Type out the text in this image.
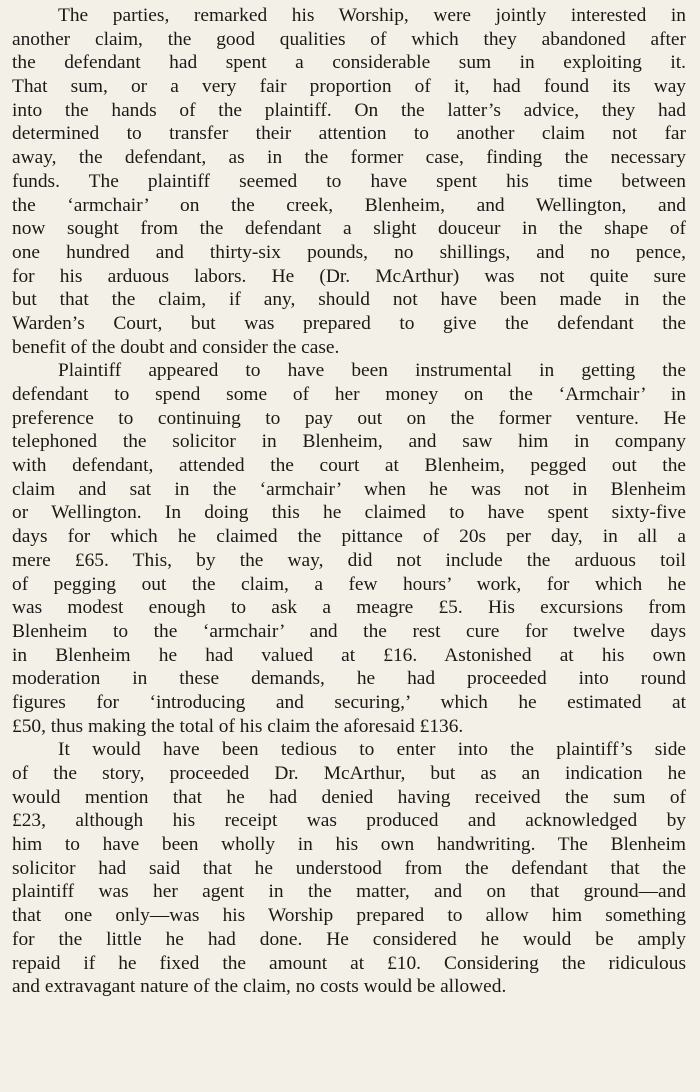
The parties, remarked his Worship, were jointly interested in
another claim, the good qualities of which they abandoned after
the defendant had spent a considerable sum in exploiting it.
That sum, or a very fair proportion of it, had found its way
into the hands of the plaintiff. On the latter’s advice, they had
determined to transfer their attention to another claim not far
away, the defendant, as in the former case, finding the necessary
funds. The plaintiff seemed to have spent his time between
the ‘armchair’ on the creek, Blenheim, and Wellington, and
now sought from the defendant a slight douceur in the shape of
one hundred and thirty-six pounds, no shillings, and no pence,
for his arduous labors. He (Dr. McArthur) was not quite sure
but that the claim, if any, should not have been made in the
Warden’s Court, but was prepared to give the defendant the
benefit of the doubt and consider the case.
Plaintiff appeared to have been instrumental in getting the
defendant to spend some of her money on the ‘Armchair’ in
preference to continuing to pay out on the former venture. He
telephoned the solicitor in Blenheim, and saw him in company
with defendant, attended the court at Blenheim, pegged out the
claim and sat in the ‘armchair’ when he was not in Blenheim
or Wellington. In doing this he claimed to have spent sixty-five
days for which he claimed the pittance of 20s per day, in all a
mere £65. This, by the way, did not include the arduous toil
of pegging out the claim, a few hours’ work, for which he
was modest enough to ask a meagre £5. His excursions from
Blenheim to the ‘armchair’ and the rest cure for twelve days
in Blenheim he had valued at £16. Astonished at his own
moderation in these demands, he had proceeded into round
figures for ‘introducing and securing,’ which he estimated at
£50, thus making the total of his claim the aforesaid £136.
It would have been tedious to enter into the plaintiff’s side
of the story, proceeded Dr. McArthur, but as an indication he
would mention that he had denied having received the sum of
£23, although his receipt was produced and acknowledged by
him to have been wholly in his own handwriting. The Blenheim
solicitor had said that he understood from the defendant that the
plaintiff was her agent in the matter, and on that ground—and
that one only—was his Worship prepared to allow him something
for the little he had done. He considered he would be amply
repaid if he fixed the amount at £10. Considering the ridiculous
and extravagant nature of the claim, no costs would be allowed.
